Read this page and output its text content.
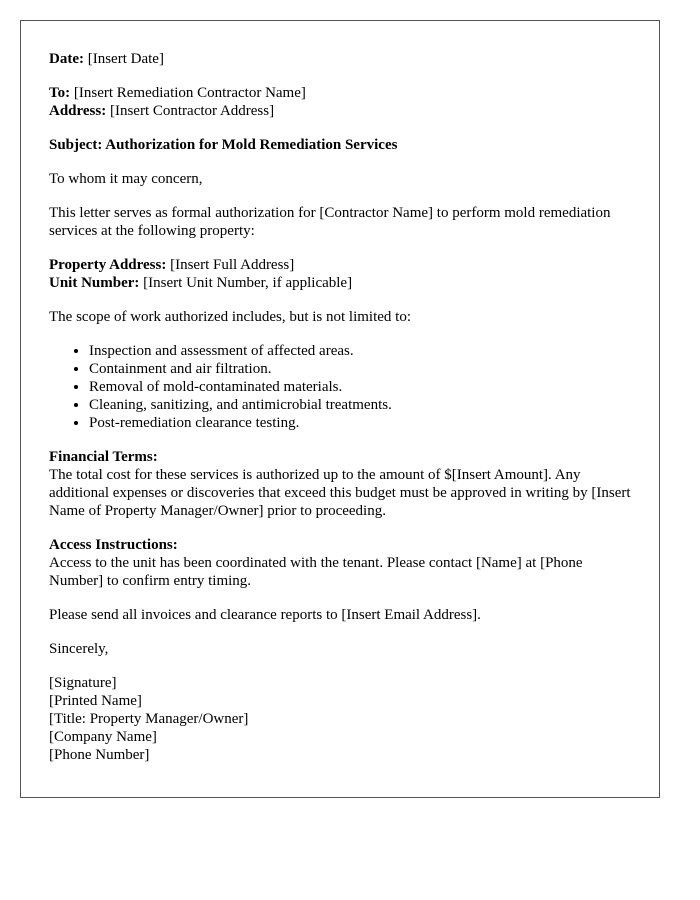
Date: [Insert Date]

To: [Insert Remediation Contractor Name]
Address: [Insert Contractor Address]

Subject: Authorization for Mold Remediation Services

To whom it may concern,

This letter serves as formal authorization for [Contractor Name] to perform mold remediation services at the following property:

Property Address: [Insert Full Address]
Unit Number: [Insert Unit Number, if applicable]

The scope of work authorized includes, but is not limited to:

• Inspection and assessment of affected areas.
• Containment and air filtration.
• Removal of mold-contaminated materials.
• Cleaning, sanitizing, and antimicrobial treatments.
• Post-remediation clearance testing.

Financial Terms:
The total cost for these services is authorized up to the amount of $[Insert Amount]. Any additional expenses or discoveries that exceed this budget must be approved in writing by [Insert Name of Property Manager/Owner] prior to proceeding.

Access Instructions:
Access to the unit has been coordinated with the tenant. Please contact [Name] at [Phone Number] to confirm entry timing.

Please send all invoices and clearance reports to [Insert Email Address].

Sincerely,

[Signature]
[Printed Name]
[Title: Property Manager/Owner]
[Company Name]
[Phone Number]
